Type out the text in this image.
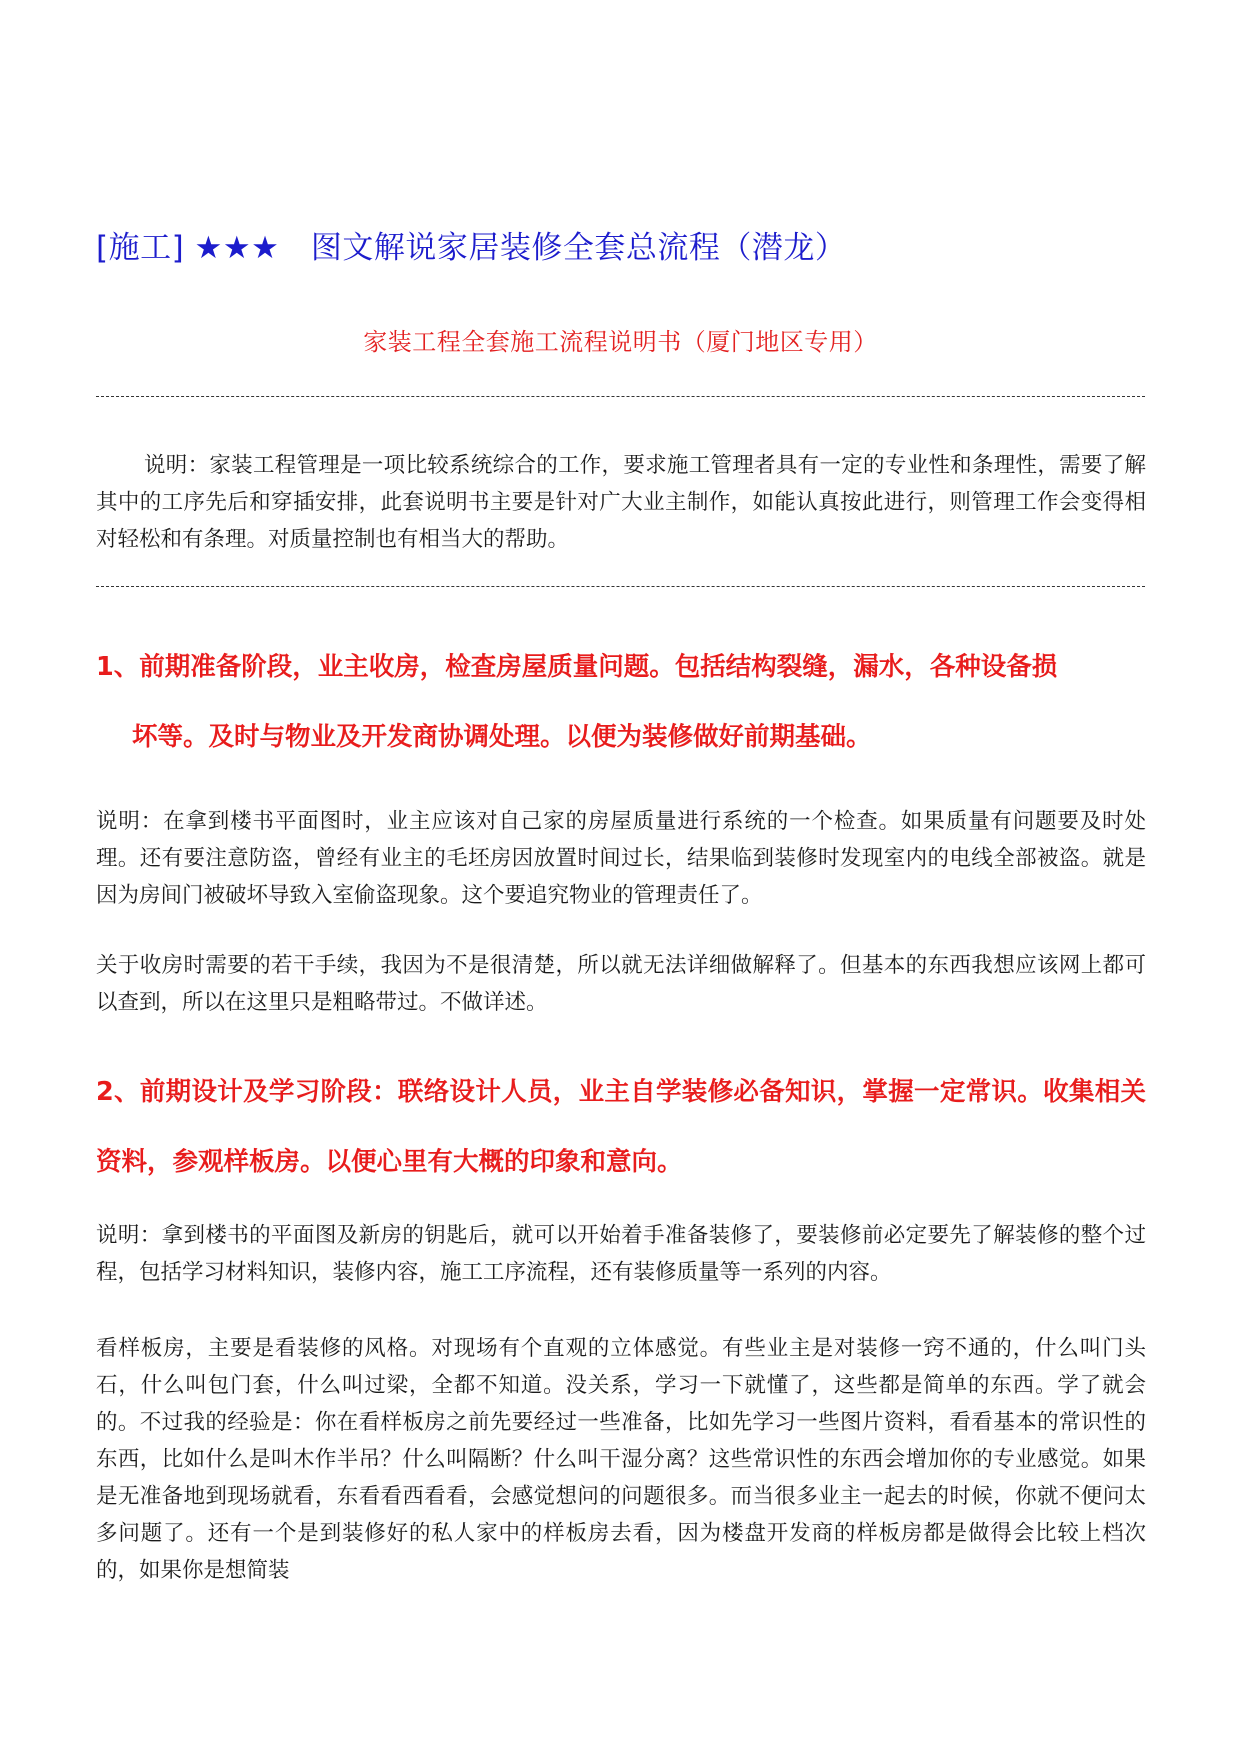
[施工] ★★★　图文解说家居装修全套总流程（潜龙）
家装工程全套施工流程说明书（厦门地区专用）

说明：家装工程管理是一项比较系统综合的工作，要求施工管理者具有一定的专业性和条理性，需要了解其中的工序先后和穿插安排，此套说明书主要是针对广大业主制作，如能认真按此进行，则管理工作会变得相对轻松和有条理。对质量控制也有相当大的帮助。

1、前期准备阶段，业主收房，检查房屋质量问题。包括结构裂缝，漏水，各种设备损
坏等。及时与物业及开发商协调处理。以便为装修做好前期基础。

说明：在拿到楼书平面图时，业主应该对自己家的房屋质量进行系统的一个检查。如果质量有问题要及时处理。还有要注意防盗，曾经有业主的毛坯房因放置时间过长，结果临到装修时发现室内的电线全部被盗。就是因为房间门被破坏导致入室偷盗现象。这个要追究物业的管理责任了。

关于收房时需要的若干手续，我因为不是很清楚，所以就无法详细做解释了。但基本的东西我想应该网上都可以查到，所以在这里只是粗略带过。不做详述。

2、前期设计及学习阶段：联络设计人员，业主自学装修必备知识，掌握一定常识。收集相关资料，参观样板房。以便心里有大概的印象和意向。

说明：拿到楼书的平面图及新房的钥匙后，就可以开始着手准备装修了，要装修前必定要先了解装修的整个过程，包括学习材料知识，装修内容，施工工序流程，还有装修质量等一系列的内容。

看样板房，主要是看装修的风格。对现场有个直观的立体感觉。有些业主是对装修一窍不通的，什么叫门头石，什么叫包门套，什么叫过梁，全都不知道。没关系，学习一下就懂了，这些都是简单的东西。学了就会的。不过我的经验是：你在看样板房之前先要经过一些准备，比如先学习一些图片资料，看看基本的常识性的东西，比如什么是叫木作半吊？什么叫隔断？什么叫干湿分离？这些常识性的东西会增加你的专业感觉。如果是无准备地到现场就看，东看看西看看，会感觉想问的问题很多。而当很多业主一起去的时候，你就不便问太多问题了。还有一个是到装修好的私人家中的样板房去看，因为楼盘开发商的样板房都是做得会比较上档次的，如果你是想简装
